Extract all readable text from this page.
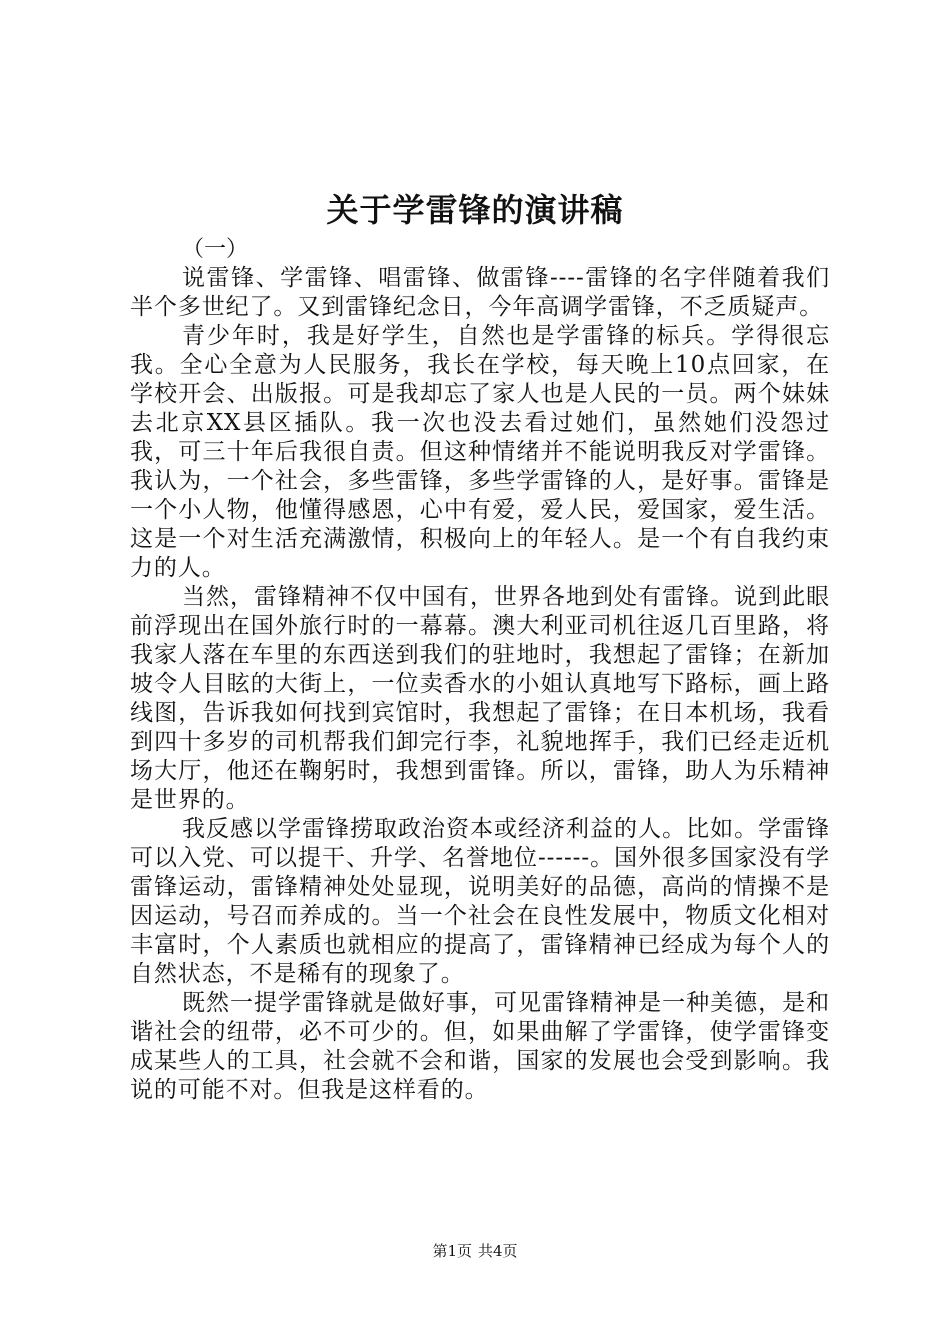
关于学雷锋的演讲稿

（一）

说雷锋、学雷锋、唱雷锋、做雷锋----雷锋的名字伴随着我们半个多世纪了。又到雷锋纪念日，今年高调学雷锋，不乏质疑声。

青少年时，我是好学生，自然也是学雷锋的标兵。学得很忘我。全心全意为人民服务，我长在学校，每天晚上10点回家，在学校开会、出版报。可是我却忘了家人也是人民的一员。两个妹妹去北京XX县区插队。我一次也没去看过她们，虽然她们没怨过我，可三十年后我很自责。但这种情绪并不能说明我反对学雷锋。我认为，一个社会，多些雷锋，多些学雷锋的人，是好事。雷锋是一个小人物，他懂得感恩，心中有爱，爱人民，爱国家，爱生活。这是一个对生活充满激情，积极向上的年轻人。是一个有自我约束力的人。

当然，雷锋精神不仅中国有，世界各地到处有雷锋。说到此眼前浮现出在国外旅行时的一幕幕。澳大利亚司机往返几百里路，将我家人落在车里的东西送到我们的驻地时，我想起了雷锋；在新加坡令人目眩的大街上，一位卖香水的小姐认真地写下路标，画上路线图，告诉我如何找到宾馆时，我想起了雷锋；在日本机场，我看到四十多岁的司机帮我们卸完行李，礼貌地挥手，我们已经走近机场大厅，他还在鞠躬时，我想到雷锋。所以，雷锋，助人为乐精神是世界的。

我反感以学雷锋捞取政治资本或经济利益的人。比如。学雷锋可以入党、可以提干、升学、名誉地位------。国外很多国家没有学雷锋运动，雷锋精神处处显现，说明美好的品德，高尚的情操不是因运动，号召而养成的。当一个社会在良性发展中，物质文化相对丰富时，个人素质也就相应的提高了，雷锋精神已经成为每个人的自然状态，不是稀有的现象了。

既然一提学雷锋就是做好事，可见雷锋精神是一种美德，是和谐社会的纽带，必不可少的。但，如果曲解了学雷锋，使学雷锋变成某些人的工具，社会就不会和谐，国家的发展也会受到影响。我说的可能不对。但我是这样看的。

第1页 共4页
